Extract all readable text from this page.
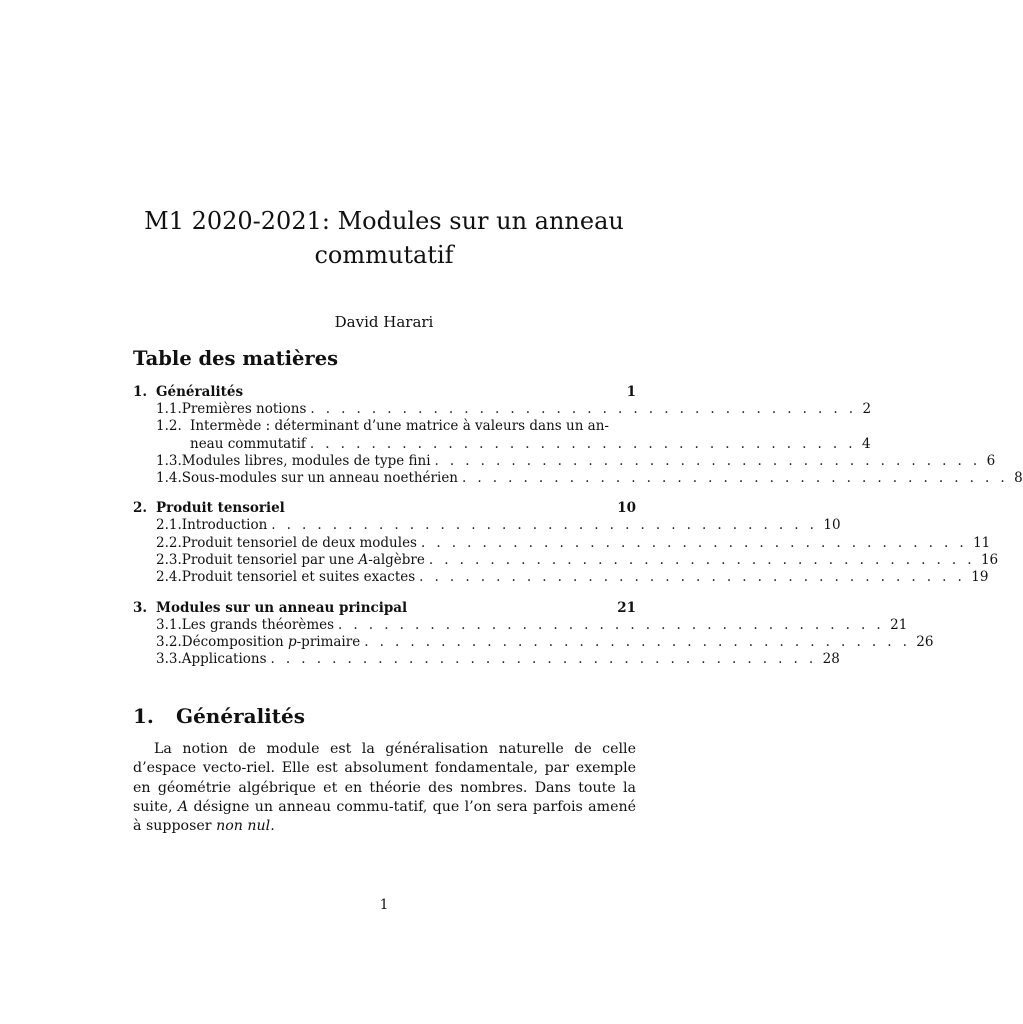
M1 2020-2021: Modules sur un anneau
commutatif
David Harari
Table des matières
1. Généralités	1
1.1. Premières notions . . . . . . . . . . . . . . . . . . . . . . . . . . . . . . . . . . . . 2
1.2. Intermède : déterminant d’une matrice à valeurs dans un an-
neau commutatif . . . . . . . . . . . . . . . . . . . . . . . . . . . . . . . . . . . . 4
1.3. Modules libres, modules de type fini . . . . . . . . . . . . . . . . . . . . . . . . . . . . . . . . . . . . 6
1.4. Sous-modules sur un anneau noethérien . . . . . . . . . . . . . . . . . . . . . . . . . . . . . . . . . . . . 8
2. Produit tensoriel	10
2.1. Introduction . . . . . . . . . . . . . . . . . . . . . . . . . . . . . . . . . . . . 10
2.2. Produit tensoriel de deux modules . . . . . . . . . . . . . . . . . . . . . . . . . . . . . . . . . . . . 11
2.3. Produit tensoriel par une A-algèbre . . . . . . . . . . . . . . . . . . . . . . . . . . . . . . . . . . . . 16
2.4. Produit tensoriel et suites exactes . . . . . . . . . . . . . . . . . . . . . . . . . . . . . . . . . . . . 19
3. Modules sur un anneau principal	21
3.1. Les grands théorèmes . . . . . . . . . . . . . . . . . . . . . . . . . . . . . . . . . . . . 21
3.2. Décomposition p-primaire . . . . . . . . . . . . . . . . . . . . . . . . . . . . . . . . . . . . 26
3.3. Applications . . . . . . . . . . . . . . . . . . . . . . . . . . . . . . . . . . . . 28
1. Généralités
La notion de module est la généralisation naturelle de celle d’espace vecto-riel. Elle est absolument fondamentale, par exemple en géométrie algébrique et en théorie des nombres. Dans toute la suite, A désigne un anneau commu-tatif, que l’on sera parfois amené à supposer non nul.
1
